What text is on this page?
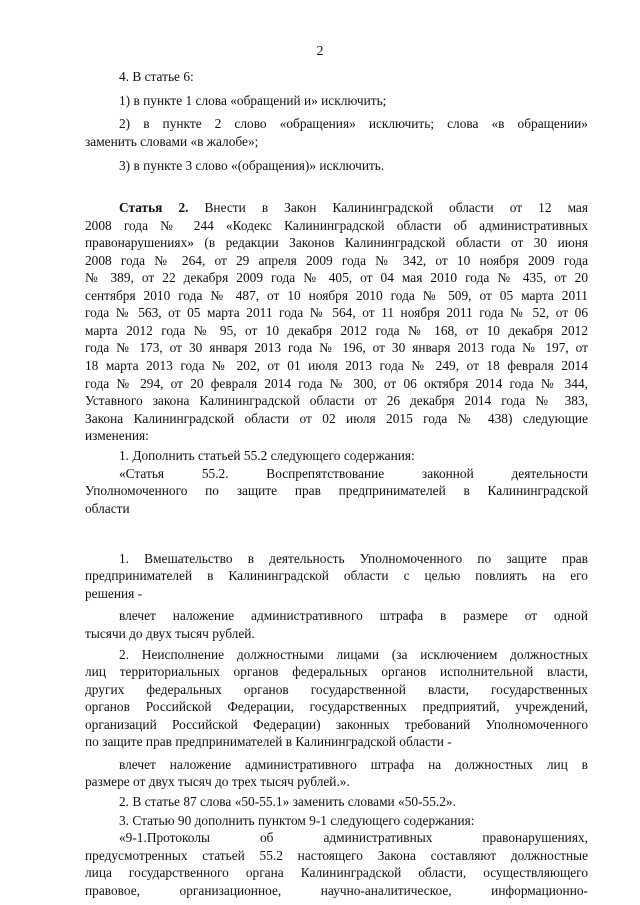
2
4. В статье 6:
1) в пункте 1 слова «обращений и» исключить;
2) в пункте 2 слово «обращения» исключить; слова «в обращении»
заменить словами «в жалобе»;
3) в пункте 3 слово «(обращения)» исключить.
Статья 2. Внести в Закон Калининградской области от 12 мая
2008 года № 244 «Кодекс Калининградской области об административных
правонарушениях» (в редакции Законов Калининградской области от 30 июня
2008 года № 264, от 29 апреля 2009 года № 342, от 10 ноября 2009 года
№ 389, от 22 декабря 2009 года № 405, от 04 мая 2010 года № 435, от 20
сентября 2010 года № 487, от 10 ноября 2010 года № 509, от 05 марта 2011
года № 563, от 05 марта 2011 года № 564, от 11 ноября 2011 года № 52, от 06
марта 2012 года № 95, от 10 декабря 2012 года № 168, от 10 декабря 2012
года № 173, от 30 января 2013 года № 196, от 30 января 2013 года № 197, от
18 марта 2013 года № 202, от 01 июля 2013 года № 249, от 18 февраля 2014
года № 294, от 20 февраля 2014 года № 300, от 06 октября 2014 года № 344,
Уставного закона Калининградской области от 26 декабря 2014 года № 383,
Закона Калининградской области от 02 июля 2015 года № 438) следующие
изменения:
1. Дополнить статьей 55.2 следующего содержания:
«Статья 55.2. Воспрепятствование законной деятельности
Уполномоченного по защите прав предпринимателей в Калининградской
области
1. Вмешательство в деятельность Уполномоченного по защите прав
предпринимателей в Калининградской области с целью повлиять на его
решения -
влечет наложение административного штрафа в размере от одной
тысячи до двух тысяч рублей.
2. Неисполнение должностными лицами (за исключением должностных
лиц территориальных органов федеральных органов исполнительной власти,
других федеральных органов государственной власти, государственных
органов Российской Федерации, государственных предприятий, учреждений,
организаций Российской Федерации) законных требований Уполномоченного
по защите прав предпринимателей в Калининградской области -
влечет наложение административного штрафа на должностных лиц в
размере от двух тысяч до трех тысяч рублей.».
2. В статье 87 слова «50-55.1» заменить словами «50-55.2».
3. Статью 90 дополнить пунктом 9-1 следующего содержания:
«9-1.Протоколы об административных правонарушениях,
предусмотренных статьей 55.2 настоящего Закона составляют должностные
лица государственного органа Калининградской области, осуществляющего
правовое, организационное, научно-аналитическое, информационно-
